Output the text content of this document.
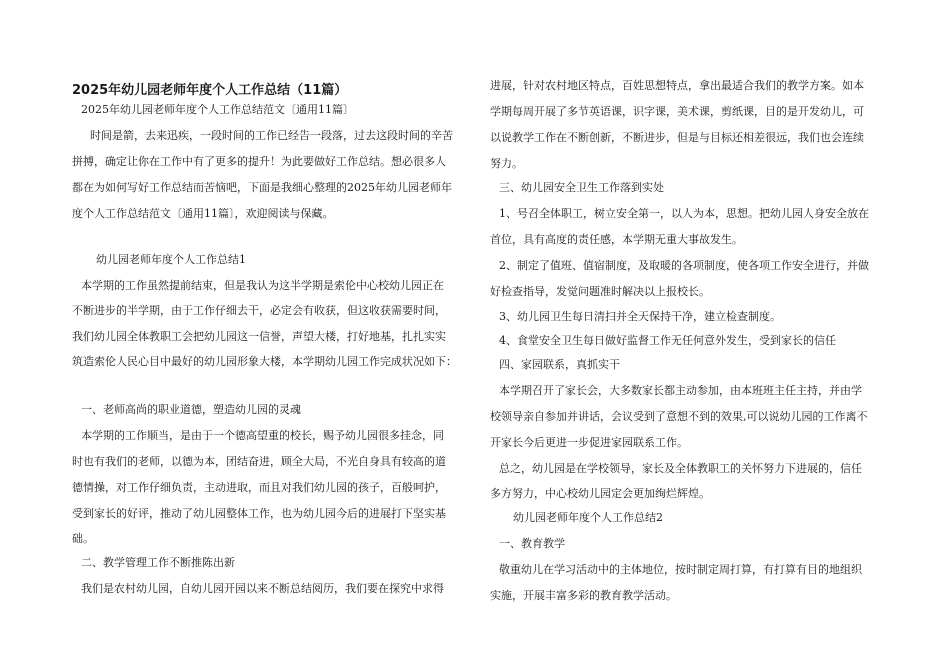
2025年幼儿园老师年度个人工作总结（11篇）
2025年幼儿园老师年度个人工作总结范文〔通用11篇〕
时间是箭，去来迅疾，一段时间的工作已经告一段落，过去这段时间的辛苦
拼搏，确定让你在工作中有了更多的提升！为此要做好工作总结。想必很多人
都在为如何写好工作总结而苦恼吧，下面是我细心整理的2025年幼儿园老师年
度个人工作总结范文〔通用11篇〕，欢迎阅读与保藏。
幼儿园老师年度个人工作总结1
本学期的工作虽然提前结束，但是我认为这半学期是索伦中心校幼儿园正在
不断进步的半学期，由于工作仔细去干，必定会有收获，但这收获需要时间，
我们幼儿园全体教职工会把幼儿园这一信誉，声望大楼，打好地基，扎扎实实
筑造索伦人民心目中最好的幼儿园形象大楼，本学期幼儿园工作完成状况如下：
一、老师高尚的职业道德，塑造幼儿园的灵魂
本学期的工作顺当，是由于一个德高望重的校长，赐予幼儿园很多挂念，同
时也有我们的老师，以德为本，团结奋进，顾全大局，不光自身具有较高的道
德情操，对工作仔细负责，主动进取，而且对我们幼儿园的孩子，百般呵护，
受到家长的好评，推动了幼儿园整体工作，也为幼儿园今后的进展打下坚实基
础。
二、教学管理工作不断推陈出新
我们是农村幼儿园，自幼儿园开园以来不断总结阅历，我们要在探究中求得
进展，针对农村地区特点，百姓思想特点，拿出最适合我们的教学方案。如本
学期每周开展了多节英语课，识字课，美术课，剪纸课，目的是开发幼儿，可
以说教学工作在不断创新，不断进步，但是与目标还相差很远，我们也会连续
努力。
三、幼儿园安全卫生工作落到实处
1、号召全体职工，树立安全第一，以人为本，思想。把幼儿园人身安全放在
首位，具有高度的责任感，本学期无重大事故发生。
2、制定了值班、值宿制度，及取暖的各项制度，使各项工作安全进行，并做
好检查指导，发觉问题准时解决以上报校长。
3、幼儿园卫生每日清扫并全天保持干净，建立检查制度。
4、食堂安全卫生每日做好监督工作无任何意外发生，受到家长的信任
四、家园联系，真抓实干
本学期召开了家长会，大多数家长都主动参加，由本班班主任主持，并由学
校领导亲自参加并讲话，会议受到了意想不到的效果,可以说幼儿园的工作离不
开家长今后更进一步促进家园联系工作。
总之，幼儿园是在学校领导，家长及全体教职工的关怀努力下进展的，信任
多方努力，中心校幼儿园定会更加绚烂辉煌。
幼儿园老师年度个人工作总结2
一、教育教学
敬重幼儿在学习活动中的主体地位，按时制定周打算，有打算有目的地组织
实施，开展丰富多彩的教育教学活动。
